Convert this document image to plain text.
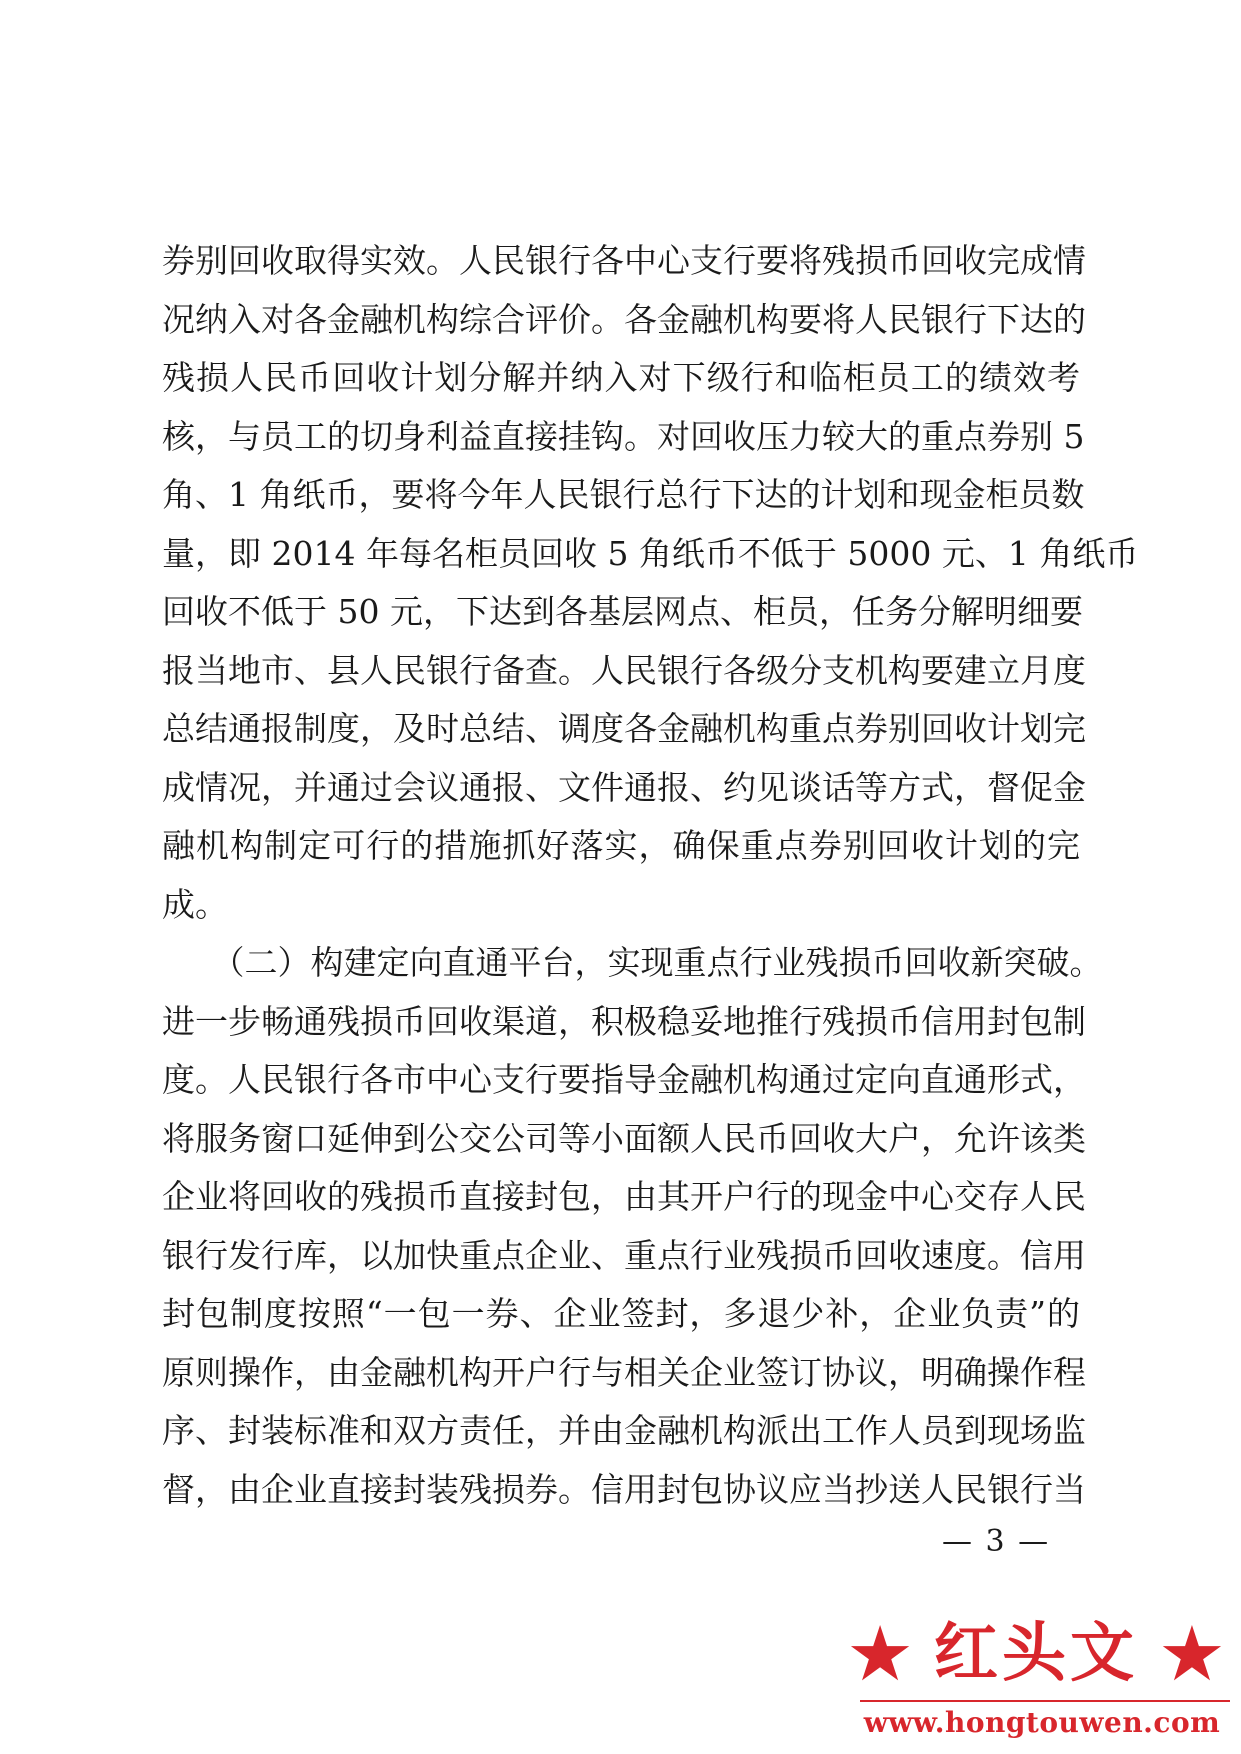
券别回收取得实效。人民银行各中心支行要将残损币回收完成情
况纳入对各金融机构综合评价。各金融机构要将人民银行下达的
残损人民币回收计划分解并纳入对下级行和临柜员工的绩效考
核，与员工的切身利益直接挂钩。对回收压力较大的重点券别 5
角、1 角纸币，要将今年人民银行总行下达的计划和现金柜员数
量，即 2014 年每名柜员回收 5 角纸币不低于 5000 元、1 角纸币
回收不低于 50 元，下达到各基层网点、柜员，任务分解明细要
报当地市、县人民银行备查。人民银行各级分支机构要建立月度
总结通报制度，及时总结、调度各金融机构重点券别回收计划完
成情况，并通过会议通报、文件通报、约见谈话等方式，督促金
融机构制定可行的措施抓好落实，确保重点券别回收计划的完
成。
　　（二）构建定向直通平台，实现重点行业残损币回收新突破。
进一步畅通残损币回收渠道，积极稳妥地推行残损币信用封包制
度。人民银行各市中心支行要指导金融机构通过定向直通形式，
将服务窗口延伸到公交公司等小面额人民币回收大户，允许该类
企业将回收的残损币直接封包，由其开户行的现金中心交存人民
银行发行库，以加快重点企业、重点行业残损币回收速度。信用
封包制度按照“一包一券、企业签封，多退少补，企业负责”的
原则操作，由金融机构开户行与相关企业签订协议，明确操作程
序、封装标准和双方责任，并由金融机构派出工作人员到现场监
督，由企业直接封装残损券。信用封包协议应当抄送人民银行当
— 3 —
★ 红头文 ★
www.hongtouwen.com
